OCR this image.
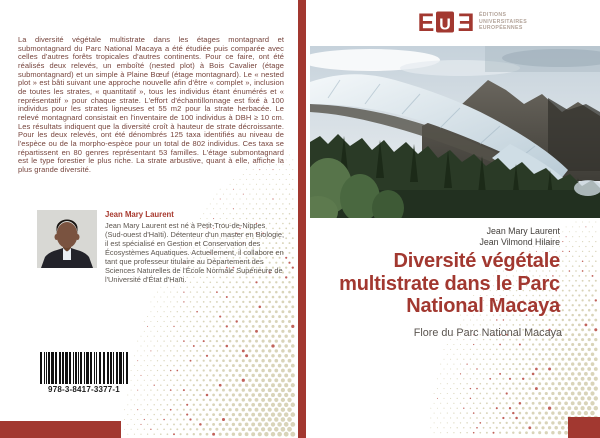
La diversité végétale multistrate dans les étages montagnard et submontagnard du Parc National Macaya a été étudiée puis comparée avec celles d'autres forêts tropicales d'autres continents. Pour ce faire, ont été réalisés deux relevés, un emboîté (nested plot) à Bois Cavalier (étage submontagnard) et un simple à Plaine Bœuf (étage montagnard). Le « nested plot » est bâti suivant une approche nouvelle afin d'être « complet », inclusion de toutes les strates, « quantitatif », tous les individus étant énumérés et « représentatif » pour chaque strate. L'effort d'échantillonnage est fixé à 100 individus pour les strates ligneuses et 55 m2 pour la strate herbacée. Le relevé montagnard consistait en l'inventaire de 100 individus à DBH ≥ 10 cm. Les résultats indiquent que la diversité croît à hauteur de strate décroissante. Pour les deux relevés, ont été dénombrés 125 taxa identifiés au niveau de l'espèce ou de la morpho-espèce pour un total de 802 individus. Ces taxa se répartissent en 80 genres représentant 53 familles. L'étage submontagnard est le type forestier le plus riche. La strate arbustive, quant à elle, affiche la plus grande diversité.
Jean Mary Laurent
Jean Mary Laurent est né à Petit-Trou-de-Nippes (Sud-ouest d'Haïti). Détenteur d'un master en Biologie, il est spécialisé en Gestion et Conservation des Écosystèmes Aquatiques. Actuellement, il collabore en tant que professeur titulaire au Département des Sciences Naturelles de l'École Normale Supérieure de l'Université d'État d'Haïti.
978-3-8417-3377-1
E U E ÉDITIONS
UNIVERSITAIRES
EUROPÉENNES
Jean Mary Laurent
Jean Vilmond Hilaire
Diversité végétale
multistrate dans le Parc
National Macaya
Flore du Parc National Macaya
